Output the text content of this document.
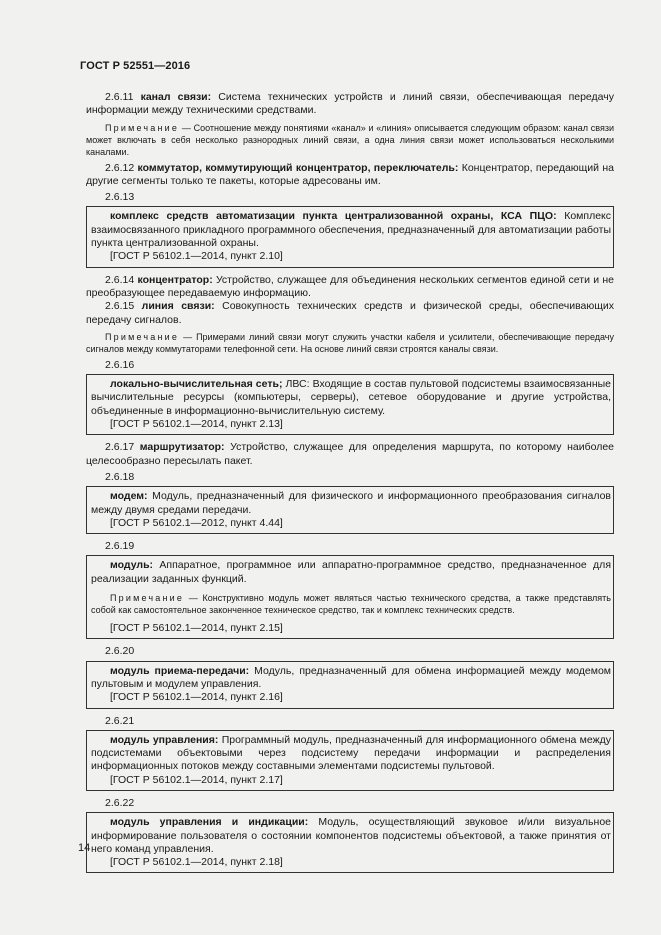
ГОСТ Р 52551—2016

2.6.11 канал связи: Система технических устройств и линий связи, обеспечивающая передачу информации между техническими средствами.

Примечание — Соотношение между понятиями «канал» и «линия» описывается следующим образом: канал связи может включать в себя несколько разнородных линий связи, а одна линия связи может использоваться несколькими каналами.

2.6.12 коммутатор, коммутирующий концентратор, переключатель: Концентратор, передающий на другие сегменты только те пакеты, которые адресованы им.

2.6.13

комплекс средств автоматизации пункта централизованной охраны, КСА ПЦО: Комплекс взаимосвязанного прикладного программного обеспечения, предназначенный для автоматизации работы пункта централизованной охраны.

[ГОСТ Р 56102.1—2014, пункт 2.10]

2.6.14 концентратор: Устройство, служащее для объединения нескольких сегментов единой сети и не преобразующее передаваемую информацию.

2.6.15 линия связи: Совокупность технических средств и физической среды, обеспечивающих передачу сигналов.

Примечание — Примерами линий связи могут служить участки кабеля и усилители, обеспечивающие передачу сигналов между коммутаторами телефонной сети. На основе линий связи строятся каналы связи.

2.6.16

локально-вычислительная сеть; ЛВС: Входящие в состав пультовой подсистемы взаимосвязанные вычислительные ресурсы (компьютеры, серверы), сетевое оборудование и другие устройства, объединенные в информационно-вычислительную систему.

[ГОСТ Р 56102.1—2014, пункт 2.13]

2.6.17 маршрутизатор: Устройство, служащее для определения маршрута, по которому наиболее целесообразно пересылать пакет.

2.6.18

модем: Модуль, предназначенный для физического и информационного преобразования сигналов между двумя средами передачи.

[ГОСТ Р 56102.1—2012, пункт 4.44]

2.6.19

модуль: Аппаратное, программное или аппаратно-программное средство, предназначенное для реализации заданных функций.

Примечание — Конструктивно модуль может являться частью технического средства, а также представлять собой как самостоятельное законченное техническое средство, так и комплекс технических средств.

[ГОСТ Р 56102.1—2014, пункт 2.15]

2.6.20

модуль приема-передачи: Модуль, предназначенный для обмена информацией между модемом пультовым и модулем управления.

[ГОСТ Р 56102.1—2014, пункт 2.16]

2.6.21

модуль управления: Программный модуль, предназначенный для информационного обмена между подсистемами объектовыми через подсистему передачи информации и распределения информационных потоков между составными элементами подсистемы пультовой.

[ГОСТ Р 56102.1—2014, пункт 2.17]

2.6.22

модуль управления и индикации: Модуль, осуществляющий звуковое и/или визуальное информирование пользователя о состоянии компонентов подсистемы объектовой, а также принятия от него команд управления.

[ГОСТ Р 56102.1—2014, пункт 2.18]

14
